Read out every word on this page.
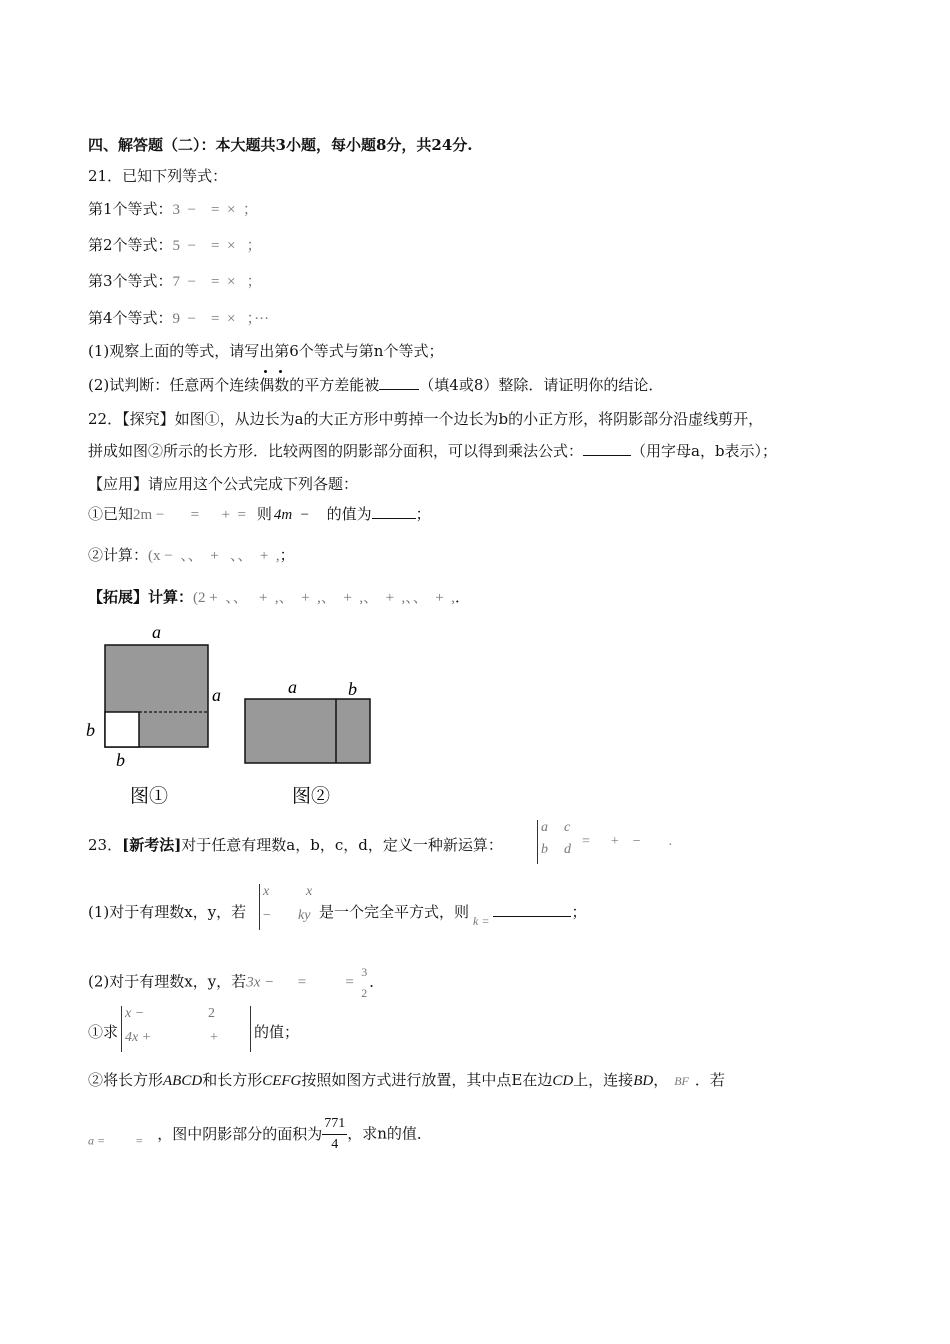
四、解答题（二）：本大题共3小题，每小题8分，共24分.
21．已知下列等式：
第1个等式：3  −    =  ×  ；
第2个等式：5  −    =  ×   ；
第3个等式：7  −    =  ×   ；
第4个等式：9  −    =  ×   ；···
(1)观察上面的等式，请写出第6个等式与第n个等式；
(2)试判断：任意两个连续偶数
的平方差能被	（填4或8）整除．请证明你的结论．
22．【探究】如图①，从边长为a的大正方形中剪掉一个边长为b的小正方形，将阴影部分沿虚线剪开，
拼成如图②所示的长方形．比较两图的阴影部分面积，可以得到乘法公式：	（用字母a，b表示）；
【应用】请应用这个公式完成下列各题：
①已知2m −       =      +  = 则 4m  − 的值为	；
②计算：(x −  、、  +   、、  +  ,；
【拓展】计算：(2 +  、、   +  ,、  +  ,、  +  ,、  +  ,、、  +  ,．
a
a
b
b
图①
a	b
图②
23．[新考法]对于任意有理数a，b，c，d，定义一种新运算：
a c
b d
=      +    −        .
(1)对于有理数x，y，若
x	x
− ky 是一个完全平方式，则 $_{k =}$	；
(2)对于有理数x，y，若3x −      =          = $\frac{3}{2}$ ．
①求
x −	2
4x +	+ 的值；
②将长方形ABCD和长方形CEFG按照如图方式进行放置，其中点E在边CD上，连接BD， BF ．若
$_{a = =}$ ，图中阴影部分的面积为 $\frac{771}{4}$ ，求n的值．
